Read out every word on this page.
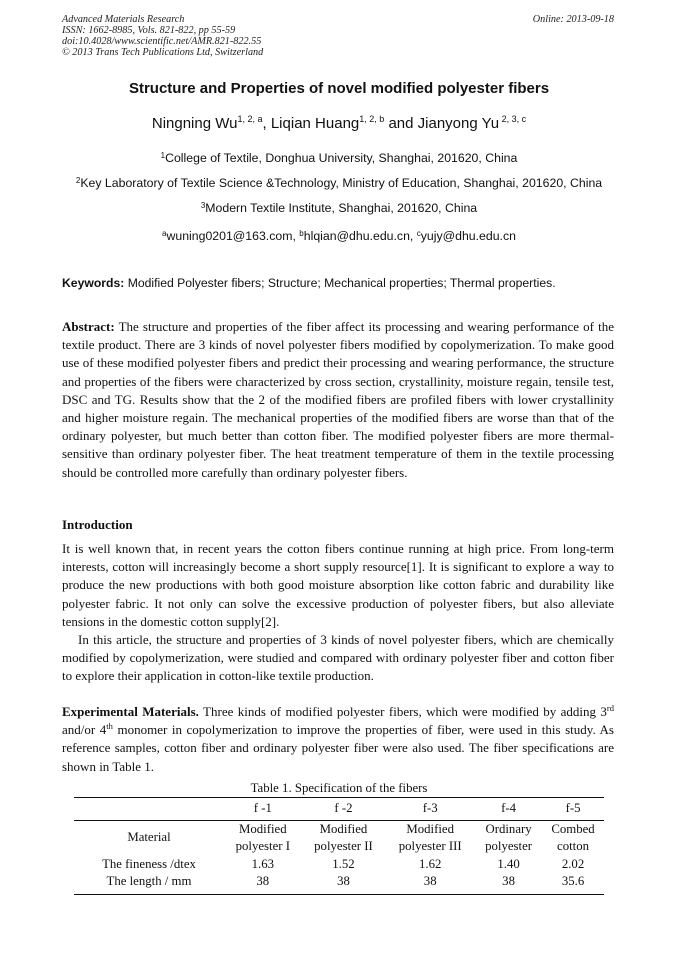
Advanced Materials Research
ISSN: 1662-8985, Vols. 821-822, pp 55-59
doi:10.4028/www.scientific.net/AMR.821-822.55
© 2013 Trans Tech Publications Ltd, Switzerland
Online: 2013-09-18
Structure and Properties of novel modified polyester fibers
Ningning Wu$^{1, 2, a}$, Liqian Huang$^{1, 2, b}$ and Jianyong Yu $^{2, 3, c}$
$^1$College of Textile, Donghua University, Shanghai, 201620, China
$^2$Key Laboratory of Textile Science &Technology, Ministry of Education, Shanghai, 201620, China
$^3$Modern Textile Institute, Shanghai, 201620, China
$^a$wuning0201@163.com, $^b$hlqian@dhu.edu.cn, $^c$yujy@dhu.edu.cn
Keywords: Modified Polyester fibers; Structure; Mechanical properties; Thermal properties.
Abstract: The structure and properties of the fiber affect its processing and wearing performance of the textile product. There are 3 kinds of novel polyester fibers modified by copolymerization. To make good use of these modified polyester fibers and predict their processing and wearing performance, the structure and properties of the fibers were characterized by cross section, crystallinity, moisture regain, tensile test, DSC and TG. Results show that the 2 of the modified fibers are profiled fibers with lower crystallinity and higher moisture regain. The mechanical properties of the modified fibers are worse than that of the ordinary polyester, but much better than cotton fiber. The modified polyester fibers are more thermal-sensitive than ordinary polyester fiber. The heat treatment temperature of them in the textile processing should be controlled more carefully than ordinary polyester fibers.
Introduction

It is well known that, in recent years the cotton fibers continue running at high price. From long-term interests, cotton will increasingly become a short supply resource[1]. It is significant to explore a way to produce the new productions with both good moisture absorption like cotton fabric and durability like polyester fabric. It not only can solve the excessive production of polyester fibers, but also alleviate tensions in the domestic cotton supply[2].

In this article, the structure and properties of 3 kinds of novel polyester fibers, which are chemically modified by copolymerization, were studied and compared with ordinary polyester fiber and cotton fiber to explore their application in cotton-like textile production.

Experimental Materials. Three kinds of modified polyester fibers, which were modified by adding 3rd and/or 4th monomer in copolymerization to improve the properties of fiber, were used in this study. As reference samples, cotton fiber and ordinary polyester fiber were also used. The fiber specifications are shown in Table 1.
Table 1. Specification of the fibers
	f -1	f -2	f-3	f-4	f-5
Material	Modified	Modified	Modified	Ordinary	Combed
	polyester I	polyester II	polyester III	polyester	cotton
The fineness /dtex	1.63	1.52	1.62	1.40	2.02
The length / mm	38	38	38	38	35.6
